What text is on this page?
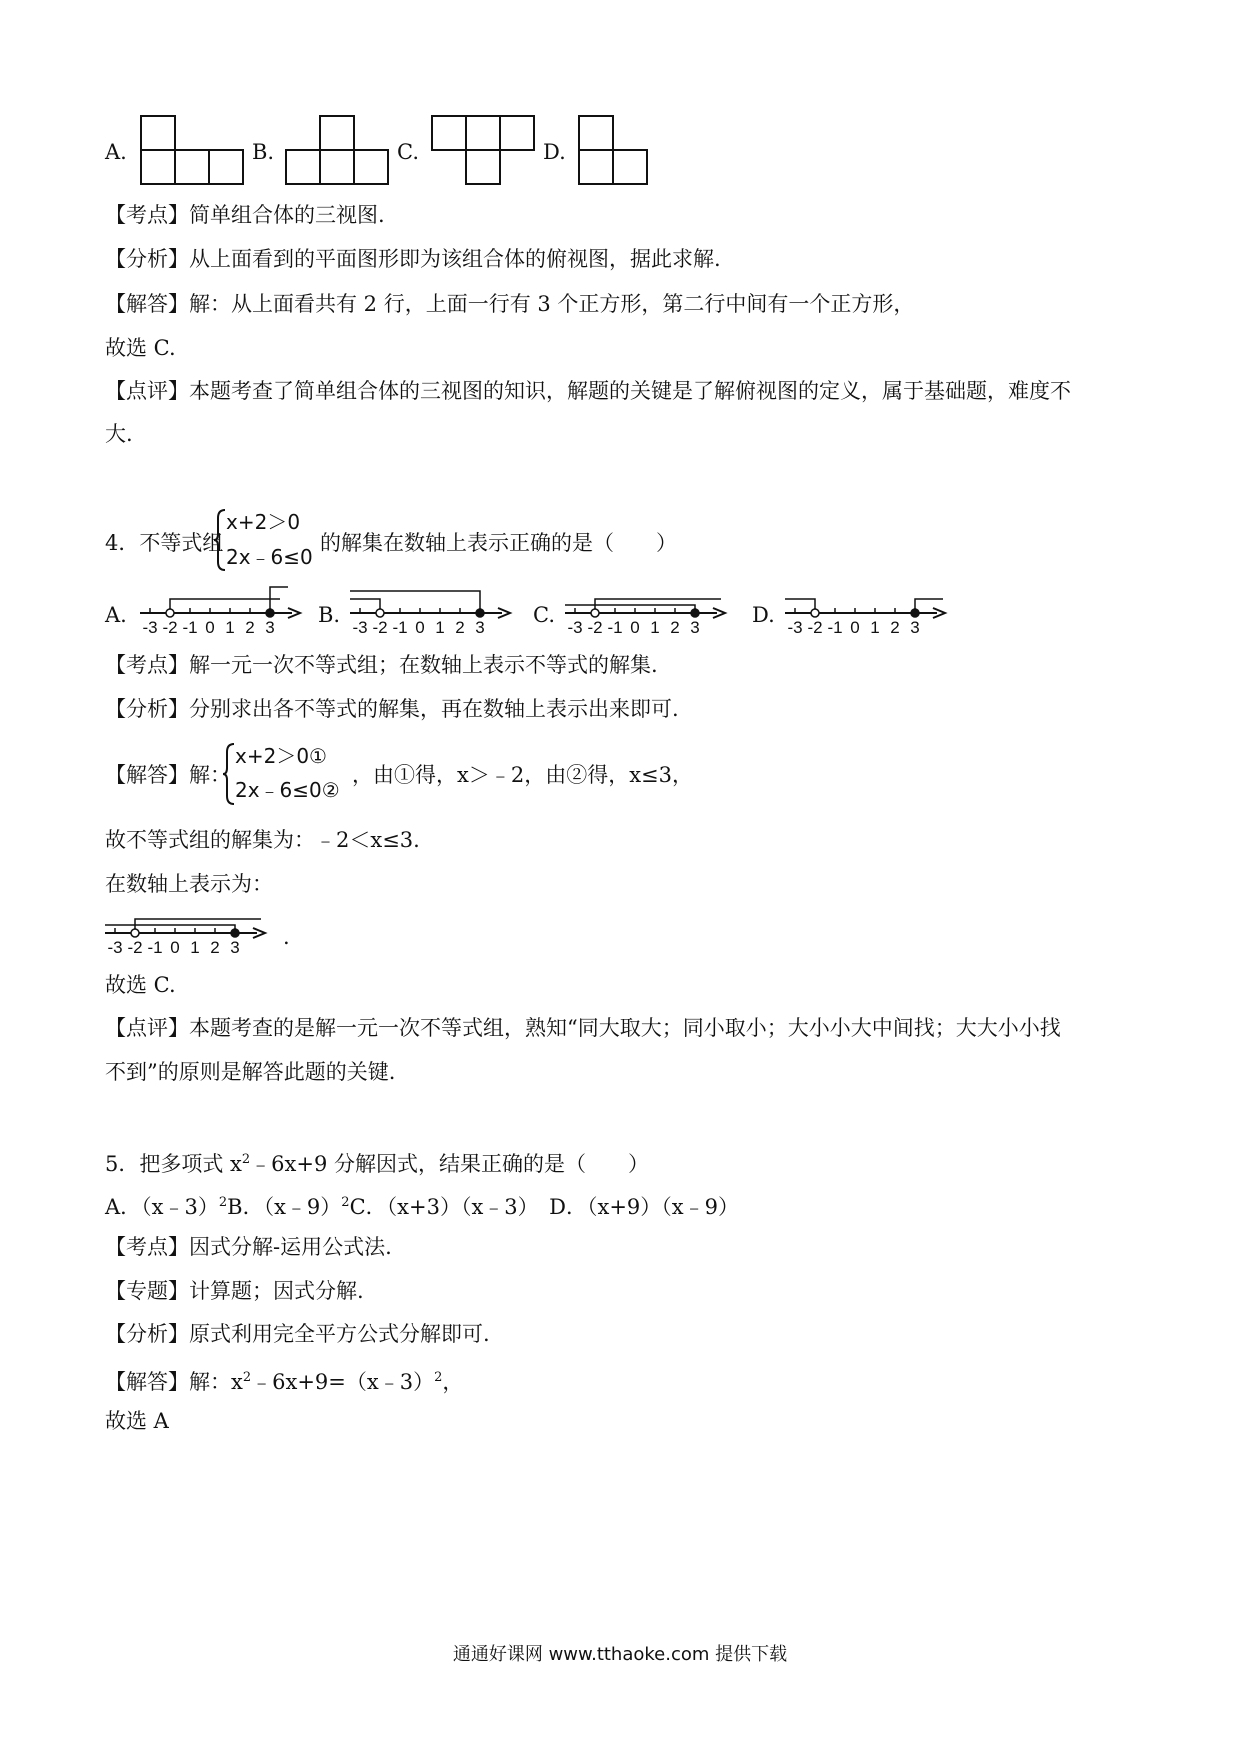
A.	B.	C.	D.
【考点】简单组合体的三视图.
【分析】从上面看到的平面图形即为该组合体的俯视图，据此求解.
【解答】解：从上面看共有 2 行，上面一行有 3 个正方形，第二行中间有一个正方形，
故选 C.
【点评】本题考查了简单组合体的三视图的知识，解题的关键是了解俯视图的定义，属于基础题，难度不
大.
4．不等式组
x+2＞0
2x﹣6≤0
的解集在数轴上表示正确的是（　　）
A.
-3 -2 -1 0 1 2 3
B.
-3 -2 -1 0 1 2 3
C.
-3 -2 -1 0 1 2 3
D.
-3 -2 -1 0 1 2 3
【考点】解一元一次不等式组；在数轴上表示不等式的解集.
【分析】分别求出各不等式的解集，再在数轴上表示出来即可.
【解答】解：
x+2＞0①
2x﹣6≤0②
，由①得，x＞﹣2，由②得，x≤3，
故不等式组的解集为：﹣2＜x≤3.
在数轴上表示为：
-3 -2 -1 0 1 2 3 .
故选 C.
【点评】本题考查的是解一元一次不等式组，熟知“同大取大；同小取小；大小小大中间找；大大小小找
不到”的原则是解答此题的关键.
5．把多项式 $x^2﹣6x+9$ 分解因式，结果正确的是（　　）
A．（x﹣3）$^2$B．（x﹣9）$^2$C．（x+3）（x﹣3）　D．（x+9）（x﹣9）
【考点】因式分解-运用公式法.
【专题】计算题；因式分解.
【分析】原式利用完全平方公式分解即可.
【解答】解：$x^2﹣6x+9=(x﹣3)^2$，
故选 A
通通好课网 www.tthaoke.com 提供下载
